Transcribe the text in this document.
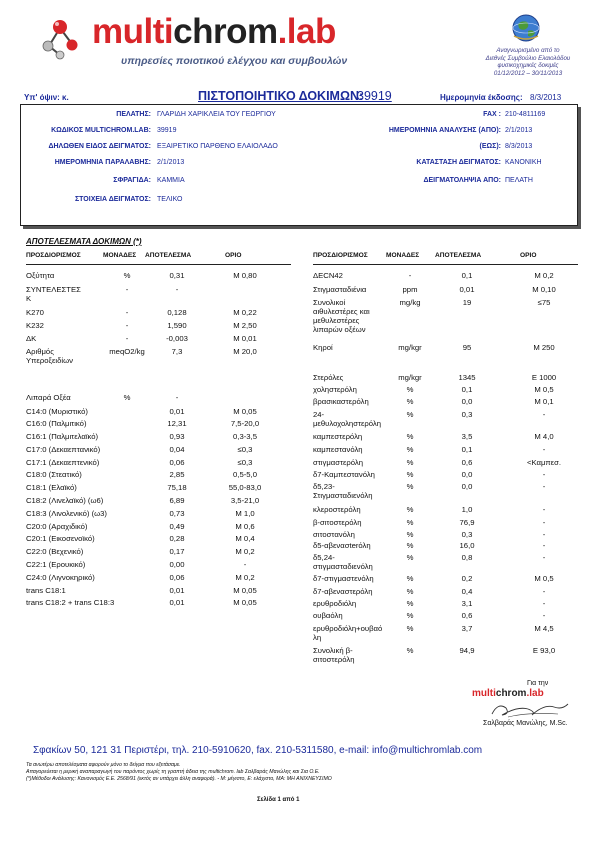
multichrom.lab
υπηρεσίες ποιοτικού ελέγχου και συμβουλών
Αναγνωρισμένο από το
Διεθνές Συμβούλιο Ελαιολάδου
φυσικοχημικές δοκιμές
01/12/2012 – 30/11/2013
Υπ' όψιν: κ.	ΠΙΣΤΟΠΟΙΗΤΙΚΟ ΔΟΚΙΜΩΝ:
39919	Ημερομηνία έκδοσης: 8/3/2013
ΠΕΛΑΤΗΣ: ΓΛΑΡΙΔΗ ΧΑΡΙΚΛΕΙΑ ΤΟΥ ΓΕΩΡΓΙΟΥ
ΚΩΔΙΚΟΣ MULTICHROM.LAB: 39919
ΔΗΛΩΘΕΝ ΕΙΔΟΣ ΔΕΙΓΜΑΤΟΣ: ΕΞΑΙΡΕΤΙΚΟ ΠΑΡΘΕΝΟ ΕΛΑΙΟΛΑΔΟ
ΗΜΕΡΟΜΗΝΙΑ ΠΑΡΑΛΑΒΗΣ: 2/1/2013
ΣΦΡΑΓΙΔΑ: ΚΑΜΜΙΑ
ΣΤΟΙΧΕΙΑ ΔΕΙΓΜΑΤΟΣ: ΤΕΛΙΚΟ
FAX : 210-4811169
ΗΜΕΡΟΜΗΝΙΑ ΑΝΑΛΥΣΗΣ (ΑΠΟ): 2/1/2013
(ΕΩΣ): 8/3/2013
ΚΑΤΑΣΤΑΣΗ ΔΕΙΓΜΑΤΟΣ: ΚΑΝΟΝΙΚΗ
ΔΕΙΓΜΑΤΟΛΗΨΙΑ ΑΠΟ: ΠΕΛΑΤΗ
ΑΠΟΤΕΛΕΣΜΑΤΑ ΔΟΚΙΜΩΝ (*)
ΠΡΟΣΔΙΟΡΙΣΜΟΣ	ΜΟΝΑΔΕΣ ΑΠΟΤΕΛΕΣΜΑ	ΟΡΙΟ	ΠΡΟΣΔΙΟΡΙΣΜΟΣ	ΜΟΝΑΔΕΣ ΑΠΟΤΕΛΕΣΜΑ	ΟΡΙΟ
Οξύτητα	%	0,31	Μ 0,80
ΣΥΝΤΕΛΕΣΤΕΣ
Κ
-	-
K270	-	0,128	M 0,22
K232	-	1,590	M 2,50
ΔΚ	-	-0,003	Μ 0,01
Αριθμός
Υπεροξειδίων
meqO2/kg	7,3	Μ 20,0
Λιπαρά Οξέα	%	-
C14:0 (Μυριστικό)	0,01	Μ 0,05
C16:0 (Παλμιτικό)	12,31	7,5-20,0
C16:1 (Παλμιτελαϊκό)	0,93	0,3-3,5
C17:0 (Δεκαεπτανικό)	0,04	≤0,3
C17:1 (Δεκαεπτενικό)	0,06	≤0,3
C18:0 (Στεατικό)	2,85	0,5-5,0
C18:1 (Ελαϊκό)	75,18	55,0-83,0
C18:2 (Λινελαϊκό) (ω6)	6,89	3,5-21,0
C18:3 (Λινολενικό) (ω3)	0,73	Μ 1,0
C20:0 (Αραχιδικό)	0,49	Μ 0,6
C20:1 (Εικοσενοϊκό)	0,28	Μ 0,4
C22:0 (Βεχενικό)	0,17	Μ 0,2
C22:1 (Ερουκικό)	0,00	-
C24:0 (Λιγνοκηρικό)	0,06	Μ 0,2
trans C18:1	0,01	Μ 0,05
trans C18:2 + trans C18:3	0,01	Μ 0,05
ΔECN42	-	0,1	M 0,2
Στιγμασταδιένια	ppm	0,01	Μ 0,10
Συνολικοί
αιθυλεστέρες και
μεθυλεστέρες
λιπαρών οξέων
mg/kg	19	≤75
Κηροί	mg/kgr	95	M 250
Στερόλες	mg/kgr	1345	E 1000
χοληστερόλη	%	0,1	M 0,5
βρασικαστερόλη	%	0,0	M 0,1
24-
μεθυλοχοληστερόλη
%	0,3	-
καμπεστερόλη	%	3,5	M 4,0
καμπεστανόλη	%	0,1	-
στιγμαστερόλη	%	0,6	<Καμπεσ.
δ7-Καμπεστανόλη	%	0,0	-
δ5,23-
Στιγμασταδιενόλη
%	0,0	-
κλεροστερόλη	%	1,0	-
β-σιτοστερόλη	%	76,9	-
σιτοστανόλη	%	0,3	-
δ5-αβενασterόλη	%	16,0	-
δ5,24-
στιγμασταδιενόλη
%	0,8	-
δ7-στιγμαστενόλη	%	0,2	Μ 0,5
δ7-αβεναστερόλη	%	0,4	-
ερυθροδιόλη	%	3,1	-
ουβαόλη	%	0,6	-
ερυθροδιόλη+ουβαό
λη
%	3,7	Μ 4,5
Συνολική β-
σιτοστερόλη
%	94,9	E 93,0
Για την
multichrom.lab
Σαλβαράς Μανώλης, M.Sc.
Σφακίων 50, 121 31 Περιστέρι, τηλ. 210-5910620, fax. 210-5311580, e-mail: info@multichromlab.com
Τα ανωτέρω αποτελέσματα αφορούν μόνο το δείγμα που εξετάσαμε.
Απαγορεύεται η μερική αναπαραγωγή του παρόντος χωρίς τη γραπτή άδεια της multichrom. lab Σαλβαράς Μανώλης και Σια Ο.Ε.
(*)Μέθοδοι Ανάλυσης: Κανονισμός Ε.Ε. 2568/91 (εκτός αν υπάρχει άλλη αναφορά). - Μ: μέγιστο, Ε: ελάχιστο, ΜΑ: ΜΗ ΑΝΙΧΝΕΥΣΙΜΟ
Σελίδα 1 από 1
